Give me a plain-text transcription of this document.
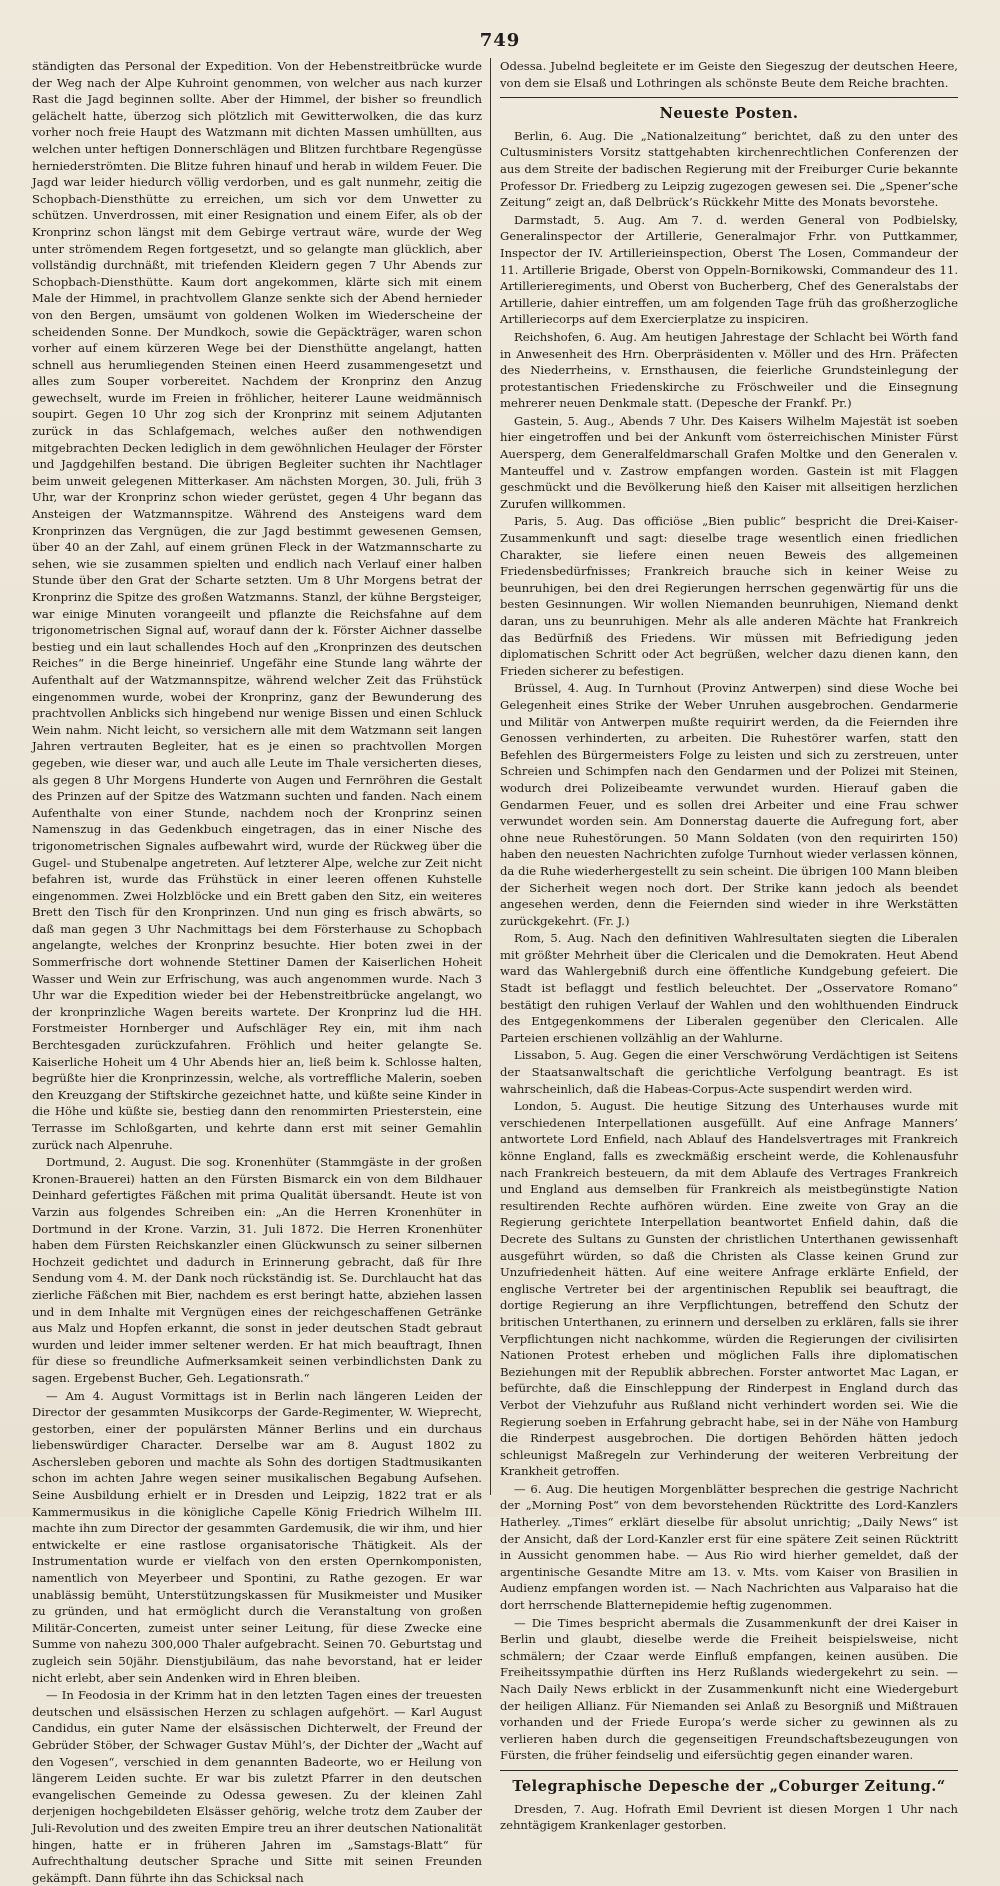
749

ständigten das Personal der Expedition. Von der Hebenstreitbrücke wurde der Weg nach der Alpe Kuhroint genommen, von welcher aus nach kurzer Rast die Jagd beginnen sollte. Aber der Himmel, der bisher so freundlich gelächelt hatte, überzog sich plötzlich mit Gewitterwolken, die das kurz vorher noch freie Haupt des Watzmann mit dichten Massen umhüllten, aus welchen unter heftigen Donnerschlägen und Blitzen furchtbare Regengüsse herniederströmten. Die Blitze fuhren hinauf und herab in wildem Feuer. Die Jagd war leider hiedurch völlig verdorben, und es galt nunmehr, zeitig die Schopbach-Diensthütte zu erreichen, um sich vor dem Unwetter zu schützen. Unverdrossen, mit einer Resignation und einem Eifer, als ob der Kronprinz schon längst mit dem Gebirge vertraut wäre, wurde der Weg unter strömendem Regen fortgesetzt, und so gelangte man glücklich, aber vollständig durchnäßt, mit triefenden Kleidern gegen 7 Uhr Abends zur Schopbach-Diensthütte. Kaum dort angekommen, klärte sich mit einem Male der Himmel, in prachtvollem Glanze senkte sich der Abend hernieder von den Bergen, umsäumt von goldenen Wolken im Wiederscheine der scheidenden Sonne. Der Mundkoch, sowie die Gepäckträger, waren schon vorher auf einem kürzeren Wege bei der Diensthütte angelangt, hatten schnell aus herumliegenden Steinen einen Heerd zusammengesetzt und alles zum Souper vorbereitet. Nachdem der Kronprinz den Anzug gewechselt, wurde im Freien in fröhlicher, heiterer Laune weidmännisch soupirt. Gegen 10 Uhr zog sich der Kronprinz mit seinem Adjutanten zurück in das Schlafgemach, welches außer den nothwendigen mitgebrachten Decken lediglich in dem gewöhnlichen Heulager der Förster und Jagdgehilfen bestand. Die übrigen Begleiter suchten ihr Nachtlager beim unweit gelegenen Mitterkaser. Am nächsten Morgen, 30. Juli, früh 3 Uhr, war der Kronprinz schon wieder gerüstet, gegen 4 Uhr begann das Ansteigen der Watzmannspitze. Während des Ansteigens ward dem Kronprinzen das Vergnügen, die zur Jagd bestimmt gewesenen Gemsen, über 40 an der Zahl, auf einem grünen Fleck in der Watzmannscharte zu sehen, wie sie zusammen spielten und endlich nach Verlauf einer halben Stunde über den Grat der Scharte setzten. Um 8 Uhr Morgens betrat der Kronprinz die Spitze des großen Watzmanns. Stanzl, der kühne Bergsteiger, war einige Minuten vorangeeilt und pflanzte die Reichsfahne auf dem trigonometrischen Signal auf, worauf dann der k. Förster Aichner dasselbe bestieg und ein laut schallendes Hoch auf den „Kronprinzen des deutschen Reiches“ in die Berge hineinrief. Ungefähr eine Stunde lang währte der Aufenthalt auf der Watzmannspitze, während welcher Zeit das Frühstück eingenommen wurde, wobei der Kronprinz, ganz der Bewunderung des prachtvollen Anblicks sich hingebend nur wenige Bissen und einen Schluck Wein nahm. Nicht leicht, so versichern alle mit dem Watzmann seit langen Jahren vertrauten Begleiter, hat es je einen so prachtvollen Morgen gegeben, wie dieser war, und auch alle Leute im Thale versicherten dieses, als gegen 8 Uhr Morgens Hunderte von Augen und Fernröhren die Gestalt des Prinzen auf der Spitze des Watzmann suchten und fanden. Nach einem Aufenthalte von einer Stunde, nachdem noch der Kronprinz seinen Namenszug in das Gedenkbuch eingetragen, das in einer Nische des trigonometrischen Signales aufbewahrt wird, wurde der Rückweg über die Gugel- und Stubenalpe angetreten. Auf letzterer Alpe, welche zur Zeit nicht befahren ist, wurde das Frühstück in einer leeren offenen Kuhstelle eingenommen. Zwei Holzblöcke und ein Brett gaben den Sitz, ein weiteres Brett den Tisch für den Kronprinzen. Und nun ging es frisch abwärts, so daß man gegen 3 Uhr Nachmittags bei dem Försterhause zu Schopbach angelangte, welches der Kronprinz besuchte. Hier boten zwei in der Sommerfrische dort wohnende Stettiner Damen der Kaiserlichen Hoheit Wasser und Wein zur Erfrischung, was auch angenommen wurde. Nach 3 Uhr war die Expedition wieder bei der Hebenstreitbrücke angelangt, wo der kronprinzliche Wagen bereits wartete. Der Kronprinz lud die HH. Forstmeister Hornberger und Aufschläger Rey ein, mit ihm nach Berchtesgaden zurückzufahren. Fröhlich und heiter gelangte Se. Kaiserliche Hoheit um 4 Uhr Abends hier an, ließ beim k. Schlosse halten, begrüßte hier die Kronprinzessin, welche, als vortreffliche Malerin, soeben den Kreuzgang der Stiftskirche gezeichnet hatte, und küßte seine Kinder in die Höhe und küßte sie, bestieg dann den renommirten Priesterstein, eine Terrasse im Schloßgarten, und kehrte dann erst mit seiner Gemahlin zurück nach Alpenruhe.

Dortmund, 2. August. Die sog. Kronenhüter (Stammgäste in der großen Kronen-Brauerei) hatten an den Fürsten Bismarck ein von dem Bildhauer Deinhard gefertigtes Fäßchen mit prima Qualität übersandt. Heute ist von Varzin aus folgendes Schreiben ein: „An die Herren Kronenhüter in Dortmund in der Krone. Varzin, 31. Juli 1872. Die Herren Kronenhüter haben dem Fürsten Reichskanzler einen Glückwunsch zu seiner silbernen Hochzeit gedichtet und dadurch in Erinnerung gebracht, daß für Ihre Sendung vom 4. M. der Dank noch rückständig ist. Se. Durchlaucht hat das zierliche Fäßchen mit Bier, nachdem es erst beringt hatte, abziehen lassen und in dem Inhalte mit Vergnügen eines der reichgeschaffenen Getränke aus Malz und Hopfen erkannt, die sonst in jeder deutschen Stadt gebraut wurden und leider immer seltener werden. Er hat mich beauftragt, Ihnen für diese so freundliche Aufmerksamkeit seinen verbindlichsten Dank zu sagen. Ergebenst Bucher, Geh. Legationsrath.“

— Am 4. August Vormittags ist in Berlin nach längeren Leiden der Director der gesammten Musikcorps der Garde-Regimenter, W. Wieprecht, gestorben, einer der populärsten Männer Berlins und ein durchaus liebenswürdiger Character. Derselbe war am 8. August 1802 zu Aschersleben geboren und machte als Sohn des dortigen Stadtmusikanten schon im achten Jahre wegen seiner musikalischen Begabung Aufsehen. Seine Ausbildung erhielt er in Dresden und Leipzig, 1822 trat er als Kammermusikus in die königliche Capelle König Friedrich Wilhelm III. machte ihn zum Director der gesammten Gardemusik, die wir ihm, und hier entwickelte er eine rastlose organisatorische Thätigkeit. Als der Instrumentation wurde er vielfach von den ersten Opernkomponisten, namentlich von Meyerbeer und Spontini, zu Rathe gezogen. Er war unablässig bemüht, Unterstützungskassen für Musikmeister und Musiker zu gründen, und hat ermöglicht durch die Veranstaltung von großen Militär-Concerten, zumeist unter seiner Leitung, für diese Zwecke eine Summe von nahezu 300,000 Thaler aufgebracht. Seinen 70. Geburtstag und zugleich sein 50jähr. Dienstjubiläum, das nahe bevorstand, hat er leider nicht erlebt, aber sein Andenken wird in Ehren bleiben.

— In Feodosia in der Krimm hat in den letzten Tagen eines der treuesten deutschen und elsässischen Herzen zu schlagen aufgehört. — Karl August Candidus, ein guter Name der elsässischen Dichterwelt, der Freund der Gebrüder Stöber, der Schwager Gustav Mühl’s, der Dichter der „Wacht auf den Vogesen“, verschied in dem genannten Badeorte, wo er Heilung von längerem Leiden suchte. Er war bis zuletzt Pfarrer in den deutschen evangelischen Gemeinde zu Odessa gewesen. Zu der kleinen Zahl derjenigen hochgebildeten Elsässer gehörig, welche trotz dem Zauber der Juli-Revolution und des zweiten Empire treu an ihrer deutschen Nationalität hingen, hatte er in früheren Jahren im „Samstags-Blatt“ für Aufrechthaltung deutscher Sprache und Sitte mit seinen Freunden gekämpft. Dann führte ihn das Schicksal nach

Odessa. Jubelnd begleitete er im Geiste den Siegeszug der deutschen Heere, von dem sie Elsaß und Lothringen als schönste Beute dem Reiche brachten.

Neueste Posten.

Berlin, 6. Aug. Die „Nationalzeitung“ berichtet, daß zu den unter des Cultusministers Vorsitz stattgehabten kirchenrechtlichen Conferenzen der aus dem Streite der badischen Regierung mit der Freiburger Curie bekannte Professor Dr. Friedberg zu Leipzig zugezogen gewesen sei. Die „Spener’sche Zeitung“ zeigt an, daß Delbrück’s Rückkehr Mitte des Monats bevorstehe.

Darmstadt, 5. Aug. Am 7. d. werden General von Podbielsky, Generalinspector der Artillerie, Generalmajor Frhr. von Puttkammer, Inspector der IV. Artillerieinspection, Oberst The Losen, Commandeur der 11. Artillerie Brigade, Oberst von Oppeln-Bornikowski, Commandeur des 11. Artillerieregiments, und Oberst von Bucherberg, Chef des Generalstabs der Artillerie, dahier eintreffen, um am folgenden Tage früh das großherzogliche Artilleriecorps auf dem Exercierplatze zu inspiciren.

Reichshofen, 6. Aug. Am heutigen Jahrestage der Schlacht bei Wörth fand in Anwesenheit des Hrn. Oberpräsidenten v. Möller und des Hrn. Präfecten des Niederrheins, v. Ernsthausen, die feierliche Grundsteinlegung der protestantischen Friedenskirche zu Fröschweiler und die Einsegnung mehrerer neuen Denkmale statt. (Depesche der Frankf. Pr.)

Gastein, 5. Aug., Abends 7 Uhr. Des Kaisers Wilhelm Majestät ist soeben hier eingetroffen und bei der Ankunft vom österreichischen Minister Fürst Auersperg, dem Generalfeldmarschall Grafen Moltke und den Generalen v. Manteuffel und v. Zastrow empfangen worden. Gastein ist mit Flaggen geschmückt und die Bevölkerung hieß den Kaiser mit allseitigen herzlichen Zurufen willkommen.

Paris, 5. Aug. Das officiöse „Bien public“ bespricht die Drei-Kaiser-Zusammenkunft und sagt: dieselbe trage wesentlich einen friedlichen Charakter, sie liefere einen neuen Beweis des allgemeinen Friedensbedürfnisses; Frankreich brauche sich in keiner Weise zu beunruhigen, bei den drei Regierungen herrschen gegenwärtig für uns die besten Gesinnungen. Wir wollen Niemanden beunruhigen, Niemand denkt daran, uns zu beunruhigen. Mehr als alle anderen Mächte hat Frankreich das Bedürfniß des Friedens. Wir müssen mit Befriedigung jeden diplomatischen Schritt oder Act begrüßen, welcher dazu dienen kann, den Frieden sicherer zu befestigen.

Brüssel, 4. Aug. In Turnhout (Provinz Antwerpen) sind diese Woche bei Gelegenheit eines Strike der Weber Unruhen ausgebrochen. Gendarmerie und Militär von Antwerpen mußte requirirt werden, da die Feiernden ihre Genossen verhinderten, zu arbeiten. Die Ruhestörer warfen, statt den Befehlen des Bürgermeisters Folge zu leisten und sich zu zerstreuen, unter Schreien und Schimpfen nach den Gendarmen und der Polizei mit Steinen, wodurch drei Polizeibeamte verwundet wurden. Hierauf gaben die Gendarmen Feuer, und es sollen drei Arbeiter und eine Frau schwer verwundet worden sein. Am Donnerstag dauerte die Aufregung fort, aber ohne neue Ruhestörungen. 50 Mann Soldaten (von den requirirten 150) haben den neuesten Nachrichten zufolge Turnhout wieder verlassen können, da die Ruhe wiederhergestellt zu sein scheint. Die übrigen 100 Mann bleiben der Sicherheit wegen noch dort. Der Strike kann jedoch als beendet angesehen werden, denn die Feiernden sind wieder in ihre Werkstätten zurückgekehrt. (Fr. J.)

Rom, 5. Aug. Nach den definitiven Wahlresultaten siegten die Liberalen mit größter Mehrheit über die Clericalen und die Demokraten. Heut Abend ward das Wahlergebniß durch eine öffentliche Kundgebung gefeiert. Die Stadt ist beflaggt und festlich beleuchtet. Der „Osservatore Romano“ bestätigt den ruhigen Verlauf der Wahlen und den wohlthuenden Eindruck des Entgegenkommens der Liberalen gegenüber den Clericalen. Alle Parteien erschienen vollzählig an der Wahlurne.

Lissabon, 5. Aug. Gegen die einer Verschwörung Verdächtigen ist Seitens der Staatsanwaltschaft die gerichtliche Verfolgung beantragt. Es ist wahrscheinlich, daß die Habeas-Corpus-Acte suspendirt werden wird.

London, 5. August. Die heutige Sitzung des Unterhauses wurde mit verschiedenen Interpellationen ausgefüllt. Auf eine Anfrage Manners’ antwortete Lord Enfield, nach Ablauf des Handelsvertrages mit Frankreich könne England, falls es zweckmäßig erscheint werde, die Kohlenausfuhr nach Frankreich besteuern, da mit dem Ablaufe des Vertrages Frankreich und England aus demselben für Frankreich als meistbegünstigte Nation resultirenden Rechte aufhören würden. Eine zweite von Gray an die Regierung gerichtete Interpellation beantwortet Enfield dahin, daß die Decrete des Sultans zu Gunsten der christlichen Unterthanen gewissenhaft ausgeführt würden, so daß die Christen als Classe keinen Grund zur Unzufriedenheit hätten. Auf eine weitere Anfrage erklärte Enfield, der englische Vertreter bei der argentinischen Republik sei beauftragt, die dortige Regierung an ihre Verpflichtungen, betreffend den Schutz der britischen Unterthanen, zu erinnern und derselben zu erklären, falls sie ihrer Verpflichtungen nicht nachkomme, würden die Regierungen der civilisirten Nationen Protest erheben und möglichen Falls ihre diplomatischen Beziehungen mit der Republik abbrechen. Forster antwortet Mac Lagan, er befürchte, daß die Einschleppung der Rinderpest in England durch das Verbot der Viehzufuhr aus Rußland nicht verhindert worden sei. Wie die Regierung soeben in Erfahrung gebracht habe, sei in der Nähe von Hamburg die Rinderpest ausgebrochen. Die dortigen Behörden hätten jedoch schleunigst Maßregeln zur Verhinderung der weiteren Verbreitung der Krankheit getroffen.

— 6. Aug. Die heutigen Morgenblätter besprechen die gestrige Nachricht der „Morning Post“ von dem bevorstehenden Rücktritte des Lord-Kanzlers Hatherley. „Times“ erklärt dieselbe für absolut unrichtig; „Daily News“ ist der Ansicht, daß der Lord-Kanzler erst für eine spätere Zeit seinen Rücktritt in Aussicht genommen habe. — Aus Rio wird hierher gemeldet, daß der argentinische Gesandte Mitre am 13. v. Mts. vom Kaiser von Brasilien in Audienz empfangen worden ist. — Nach Nachrichten aus Valparaiso hat die dort herrschende Blatternepidemie heftig zugenommen.

— Die Times bespricht abermals die Zusammenkunft der drei Kaiser in Berlin und glaubt, dieselbe werde die Freiheit beispielsweise, nicht schmälern; der Czaar werde Einfluß empfangen, keinen ausüben. Die Freiheitssympathie dürften ins Herz Rußlands wiedergekehrt zu sein. — Nach Daily News erblickt in der Zusammenkunft nicht eine Wiedergeburt der heiligen Allianz. Für Niemanden sei Anlaß zu Besorgniß und Mißtrauen vorhanden und der Friede Europa’s werde sicher zu gewinnen als zu verlieren haben durch die gegenseitigen Freundschaftsbezeugungen von Fürsten, die früher feindselig und eifersüchtig gegen einander waren.

Telegraphische Depesche der „Coburger Zeitung.“

Dresden, 7. Aug. Hofrath Emil Devrient ist diesen Morgen 1 Uhr nach zehntägigem Krankenlager gestorben.
